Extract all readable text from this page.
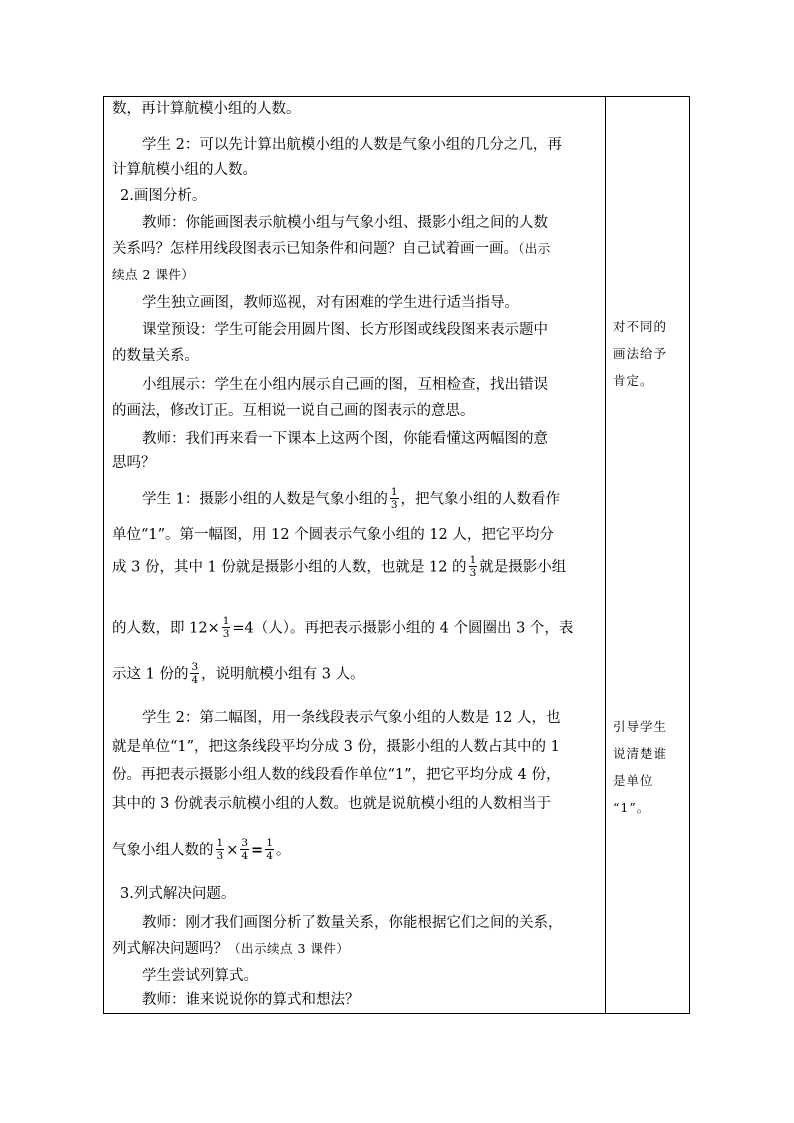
数，再计算航模小组的人数。
学生 2：可以先计算出航模小组的人数是气象小组的几分之几，再
计算航模小组的人数。
2.画图分析。
教师：你能画图表示航模小组与气象小组、摄影小组之间的人数
关系吗？怎样用线段图表示已知条件和问题？自己试着画一画。（出示
续点 2 课件）
学生独立画图，教师巡视，对有困难的学生进行适当指导。
课堂预设：学生可能会用圆片图、长方形图或线段图来表示题中
的数量关系。
小组展示：学生在小组内展示自己画的图，互相检查，找出错误
的画法，修改订正。互相说一说自己画的图表示的意思。
教师：我们再来看一下课本上这两个图，你能看懂这两幅图的意
思吗？
学生 1：摄影小组的人数是气象小组的 $\frac{1}{3}$ ，把气象小组的人数看作
单位“1”。第一幅图，用 12 个圆表示气象小组的 12 人，把它平均分
成 3 份，其中 1 份就是摄影小组的人数，也就是 12 的 $\frac{1}{3}$ 就是摄影小组
的人数，即 $12\times \frac{1}{3} =4$（人）。再把表示摄影小组的 4 个圆圈出 3 个，表
示这 1 份的 $\frac{3}{4}$ ，说明航模小组有 3 人。
学生 2：第二幅图，用一条线段表示气象小组的人数是 12 人，也
就是单位“1”，把这条线段平均分成 3 份，摄影小组的人数占其中的 1
份。再把表示摄影小组人数的线段看作单位“1”，把它平均分成 4 份，
其中的 3 份就表示航模小组的人数。也就是说航模小组的人数相当于
气象小组人数的 $\frac{1}{3} \times \frac{3}{4} = \frac{1}{4}$ 。
3.列式解决问题。
教师：刚才我们画图分析了数量关系，你能根据它们之间的关系，
列式解决问题吗？（出示续点 3 课件）
学生尝试列算式。
教师：谁来说说你的算式和想法？
对不同的
画法给予
肯定。
引导学生
说清楚谁
是单位
“1”。
